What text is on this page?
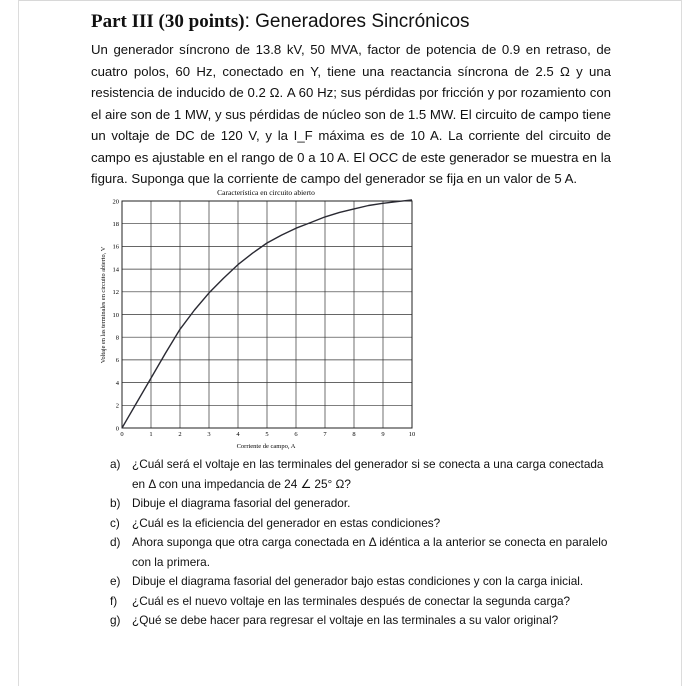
Part III (30 points): Generadores Sincrónicos

Un generador síncrono de 13.8 kV, 50 MVA, factor de potencia de 0.9 en retraso, de cuatro polos, 60 Hz, conectado en Y, tiene una reactancia síncrona de 2.5 Ω y una resistencia de inducido de 0.2 Ω. A 60 Hz; sus pérdidas por fricción y por rozamiento con el aire son de 1 MW, y sus pérdidas de núcleo son de 1.5 MW. El circuito de campo tiene un voltaje de DC de 120 V, y la I_F máxima es de 10 A. La corriente del circuito de campo es ajustable en el rango de 0 a 10 A. El OCC de este generador se muestra en la figura. Suponga que la corriente de campo del generador se fija en un valor de 5 A.

Característica en circuito abierto
Voltaje en las terminales en circuito abierto, V
Corriente de campo, A
0	1	2	3	4	5	6	7	8	9	10
0
2
4
6
8
10
12
14
16
18
20
a) ¿Cuál será el voltaje en las terminales del generador si se conecta a una carga conectada en Δ con una impedancia de 24 ∠ 25° Ω?
b) Dibuje el diagrama fasorial del generador.
c)	¿Cuál es la eficiencia del generador en estas condiciones?
d) Ahora suponga que otra carga conectada en Δ idéntica a la anterior se conecta en paralelo con la primera.
e) Dibuje el diagrama fasorial del generador bajo estas condiciones y con la carga inicial.
f)	¿Cuál es el nuevo voltaje en las terminales después de conectar la segunda carga?
g) ¿Qué se debe hacer para regresar el voltaje en las terminales a su valor original?
